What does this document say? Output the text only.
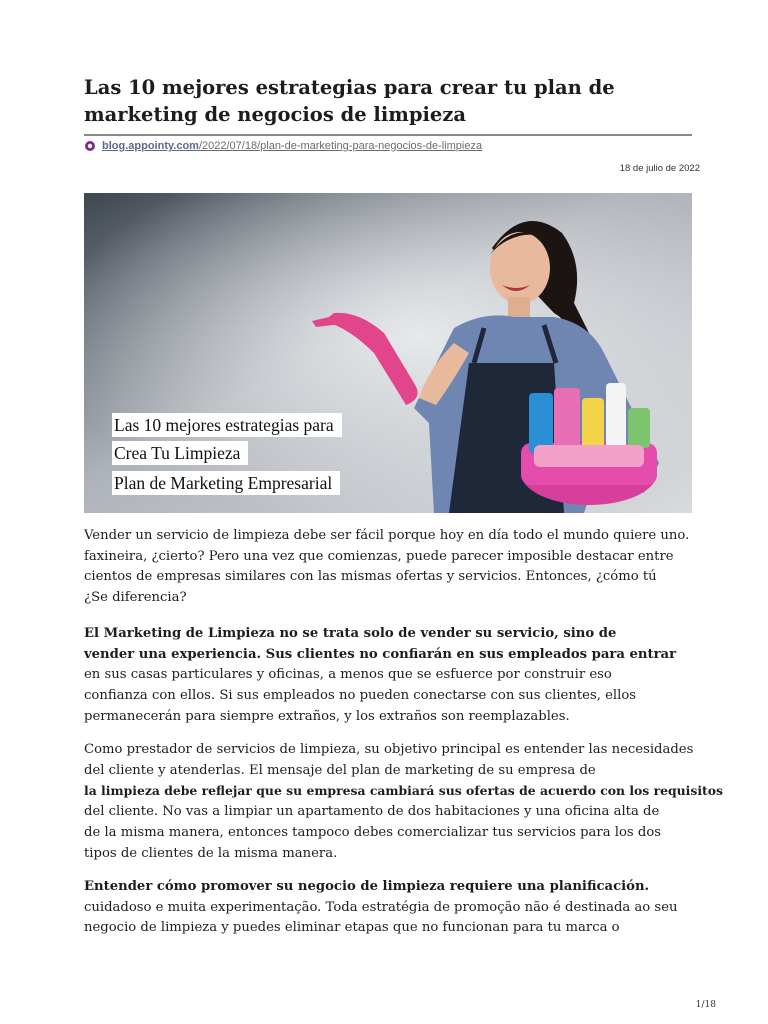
Las 10 mejores estrategias para crear tu plan de
marketing de negocios de limpieza
blog.appointy.com/2022/07/18/plan-de-marketing-para-negocios-de-limpieza
18 de julio de 2022
Las 10 mejores estrategias para
Crea Tu Limpieza
Plan de Marketing Empresarial
Vender un servicio de limpieza debe ser fácil porque hoy en día todo el mundo quiere uno.
faxineira, ¿cierto? Pero una vez que comienzas, puede parecer imposible destacar entre
cientos de empresas similares con las mismas ofertas y servicios. Entonces, ¿cómo tú
¿Se diferencia?
El Marketing de Limpieza no se trata solo de vender su servicio, sino de
vender una experiencia. Sus clientes no confiarán en sus empleados para entrar
en sus casas particulares y oficinas, a menos que se esfuerce por construir eso
confianza con ellos. Si sus empleados no pueden conectarse con sus clientes, ellos
permanecerán para siempre extraños, y los extraños son reemplazables.
Como prestador de servicios de limpieza, su objetivo principal es entender las necesidades
del cliente y atenderlas. El mensaje del plan de marketing de su empresa de
la limpieza debe reflejar que su empresa cambiará sus ofertas de acuerdo con los requisitos
del cliente. No vas a limpiar un apartamento de dos habitaciones y una oficina alta de
de la misma manera, entonces tampoco debes comercializar tus servicios para los dos
tipos de clientes de la misma manera.
Entender cómo promover su negocio de limpieza requiere una planificación.
cuidadoso e muita experimentação. Toda estratégia de promoção não é destinada ao seu
negocio de limpieza y puedes eliminar etapas que no funcionan para tu marca o
1/18
